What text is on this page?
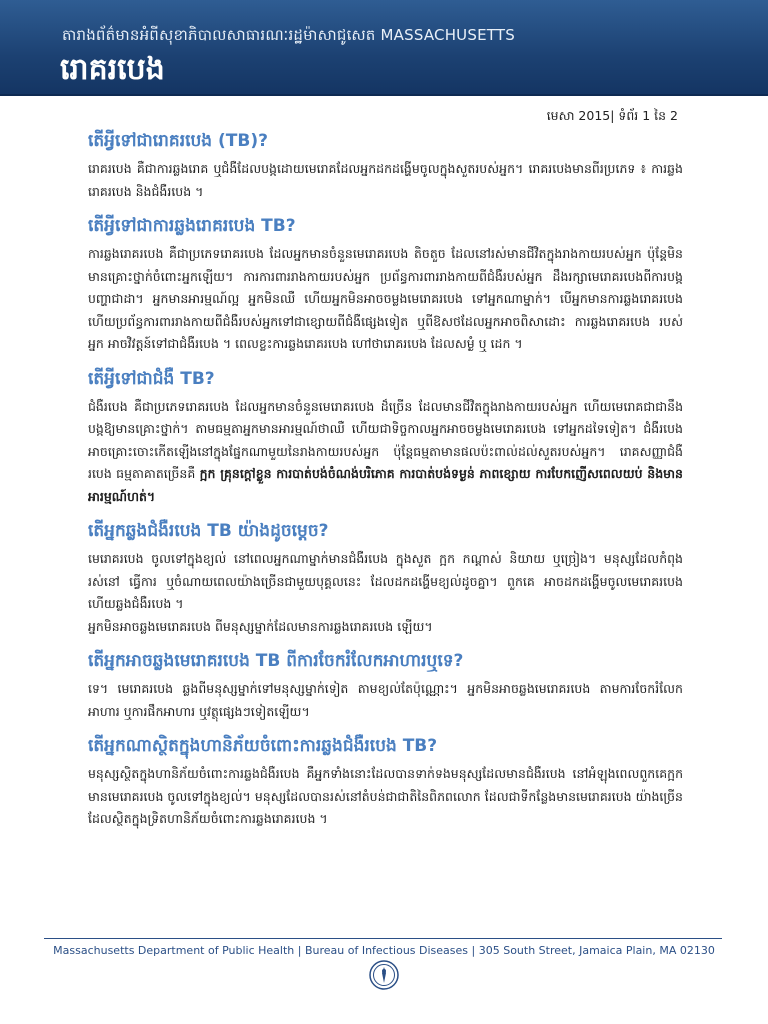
តារាងព័ត៌មានអំពីសុខាភិបាលសាធារណៈរដ្ឋម៉ាសាជូសេត MASSACHUSETTS
រោគរបេង
មេសា 2015| ទំព័រ 1 នៃ 2
តើអ្វីទៅជារោគរបេង (TB)?

រោគរបេង គឺជាការឆ្លងរោគ ឬជំងឺដែលបង្កដោយមេរោគដែលអ្នកដកដង្ហើមចូលក្នុងសួតរបស់អ្នក។ រោគរបេងមានពីរប្រភេទ ៖ ការឆ្លងរោគរបេង និងជំងឺរបេង ។

តើអ្វីទៅជាការឆ្លងរោគរបេង TB?

ការឆ្លងរោគរបេង គឺជាប្រភេទរោគរបេង ដែលអ្នកមានចំនួនមេរោគរបេង តិចតួច ដែលនៅរស់មានជីវិតក្នុងរាងកាយរបស់អ្នក ប៉ុន្តែមិនមានគ្រោះថ្នាក់ចំពោះអ្នកឡើយ។ ការការពាររាងកាយរបស់អ្នក ប្រព័ន្ធការពាររាងកាយពីជំងឺរបស់អ្នក ដឹងរក្សាមេរោគរបេងពីការបង្កបញ្ហាជាដា។ អ្នកមានអារម្មណ៍ល្អ អ្នកមិនឈឺ ហើយអ្នកមិនអាចចម្លងមេរោគរបេង ទៅអ្នកណាម្នាក់។ បើអ្នកមានការឆ្លងរោគរបេង ហើយប្រព័ន្ធការពាររាងកាយពីជំងឺរបស់អ្នកទៅជាខ្សោយពីជំងឺផ្សេងទៀត ឬពីឱសថដែលអ្នកអាចពិសាដោះ ការឆ្លងរោគរបេង របស់អ្នក អាចវិវត្តន៍ទៅជាជំងឺរបេង ។ ពេលខ្លះការឆ្លងរោគរបេង ហៅថារោគរបេង ដែលសម្ងំ ឬ ដេក ។

តើអ្វីទៅជាជំងឺ TB?

ជំងឺរបេង គឺជាប្រភេទរោគរបេង ដែលអ្នកមានចំនួនមេរោគរបេង ដ៏ច្រើន ដែលមានជីវិតក្នុងរាងកាយរបស់អ្នក ហើយមេរោគជាជានឹងបង្កឱ្យមានគ្រោះថ្នាក់។ តាមធម្មតាអ្នកមានអារម្មណ៍ថាឈឺ ហើយជាទិច្ចកាលអ្នកអាចចម្លងមេរោគរបេង ទៅអ្នកដទៃទៀត។ ជំងឺរបេង អាចគ្រោះចោះកើតឡើងនៅក្នុងផ្នែកណាមួយនៃរាងកាយរបស់អ្នក ប៉ុន្តែធម្មតាមានផលប៉ះពាល់ដល់សួតរបស់អ្នក។ រោគសញ្ញាជំងឺរបេង ធម្មតាគាតច្រើនគឺ ក្អក គ្រុនក្តៅខ្លួន ការបាត់បង់ចំណង់បរិភោគ ការបាត់បង់ទម្ងន់ ភាពខ្សោយ ការបែកញើសពេលយប់ និងមានអារម្មណ៍ហត់។

តើអ្នកឆ្លងជំងឺរបេង TB យ៉ាងដូចម្តេច?

មេរោគរបេង ចូលទៅក្នុងខ្យល់ នៅពេលអ្នកណាម្នាក់មានជំងឺរបេង ក្នុងសួត ក្អក កណ្តាស់ និយាយ ឬច្រៀង។ មនុស្សដែលកំពុងរស់នៅ ធ្វើការ ឬចំណាយពេលយ៉ាងច្រើនជាមួយបុគ្គលនេះ ដែលដកដង្ហើមខ្យល់ដូចគ្នា។ ពួកគេ អាចដកដង្ហើមចូលមេរោគរបេង ហើយឆ្លងជំងឺរបេង ។

អ្នកមិនអាចឆ្លងមេរោគរបេង ពីមនុស្សម្នាក់ដែលមានការឆ្លងរោគរបេង ឡើយ។

តើអ្នកអាចឆ្លងមេរោគរបេង TB ពីការចែករំលែកអាហារឬទេ?

ទេ។ មេរោគរបេង ឆ្លងពីមនុស្សម្នាក់ទៅមនុស្សម្នាក់ទៀត តាមខ្យល់តែប៉ុណ្ណោះ។ អ្នកមិនអាចឆ្លងមេរោគរបេង តាមការចែករំលែកអាហារ ឬការផឹកអាហារ ឬវត្ថុផ្សេងៗទៀតឡើយ។

តើអ្នកណាស្ថិតក្នុងហានិភ័យចំពោះការឆ្លងជំងឺរបេង TB?

មនុស្សស្ថិតក្នុងហានិភ័យចំពោះការឆ្លងជំងឺរបេង គឺអ្នកទាំងនោះដែលបានទាក់ទងមនុស្សដែលមានជំងឺរបេង នៅអំឡុងពេលពួកគេក្អកមានមេរោគរបេង ចូលទៅក្នុងខ្យល់។ មនុស្សដែលបានរស់នៅតំបន់ជាជាតិនៃពិភពលោក ដែលជាទីកន្លែងមានមេរោគរបេង យ៉ាងច្រើន ដែលស្ថិតក្នុងទ្រិតហានិភ័យចំពោះការឆ្លងរោគរបេង ។

Massachusetts Department of Public Health | Bureau of Infectious Diseases | 305 South Street, Jamaica Plain, MA 02130
